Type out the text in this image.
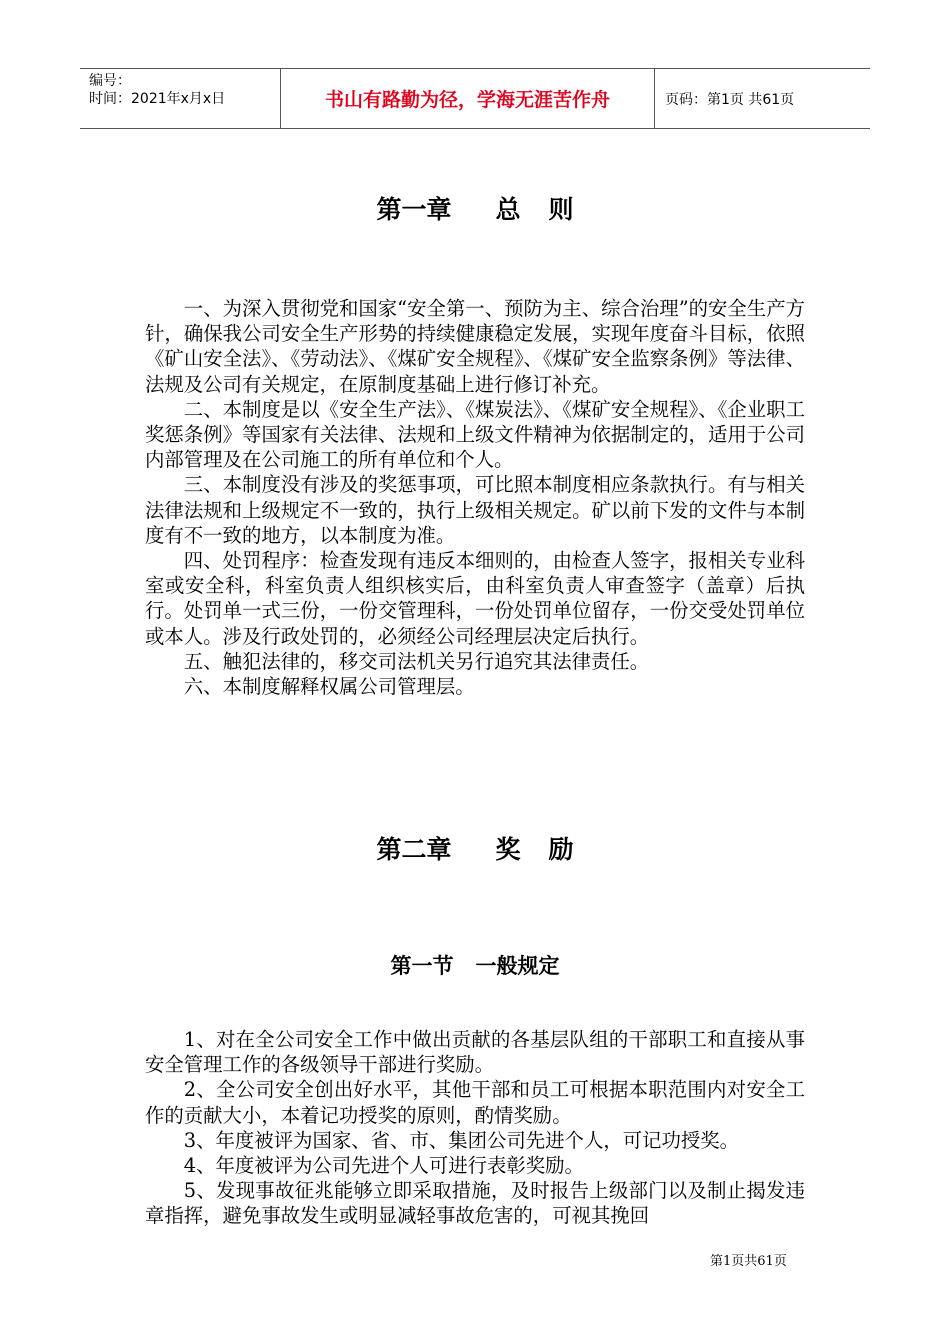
编号：
时间：2021年x月x日	书山有路勤为径，学海无涯苦作舟	页码：第1页 共61页
第一章 总 则

一、为深入贯彻党和国家“安全第一、预防为主、综合治理”的安全生产方针，确保我公司安全生产形势的持续健康稳定发展，实现年度奋斗目标，依照《矿山安全法》、《劳动法》、《煤矿安全规程》、《煤矿安全监察条例》等法律、法规及公司有关规定，在原制度基础上进行修订补充。

二、本制度是以《安全生产法》、《煤炭法》、《煤矿安全规程》、《企业职工奖惩条例》等国家有关法律、法规和上级文件精神为依据制定的，适用于公司内部管理及在公司施工的所有单位和个人。

三、本制度没有涉及的奖惩事项，可比照本制度相应条款执行。有与相关法律法规和上级规定不一致的，执行上级相关规定。矿以前下发的文件与本制度有不一致的地方，以本制度为准。

四、处罚程序：检查发现有违反本细则的，由检查人签字，报相关专业科室或安全科，科室负责人组织核实后，由科室负责人审查签字（盖章）后执行。处罚单一式三份，一份交管理科，一份处罚单位留存，一份交受处罚单位或本人。涉及行政处罚的，必须经公司经理层决定后执行。

五、触犯法律的，移交司法机关另行追究其法律责任。

六、本制度解释权属公司管理层。

第二章 奖 励
第一节 一般规定

1、对在全公司安全工作中做出贡献的各基层队组的干部职工和直接从事安全管理工作的各级领导干部进行奖励。

2、全公司安全创出好水平，其他干部和员工可根据本职范围内对安全工作的贡献大小，本着记功授奖的原则，酌情奖励。

3、年度被评为国家、省、市、集团公司先进个人，可记功授奖。

4、年度被评为公司先进个人可进行表彰奖励。

5、发现事故征兆能够立即采取措施，及时报告上级部门以及制止揭发违章指挥，避免事故发生或明显减轻事故危害的，可视其挽回

第1页共61页
